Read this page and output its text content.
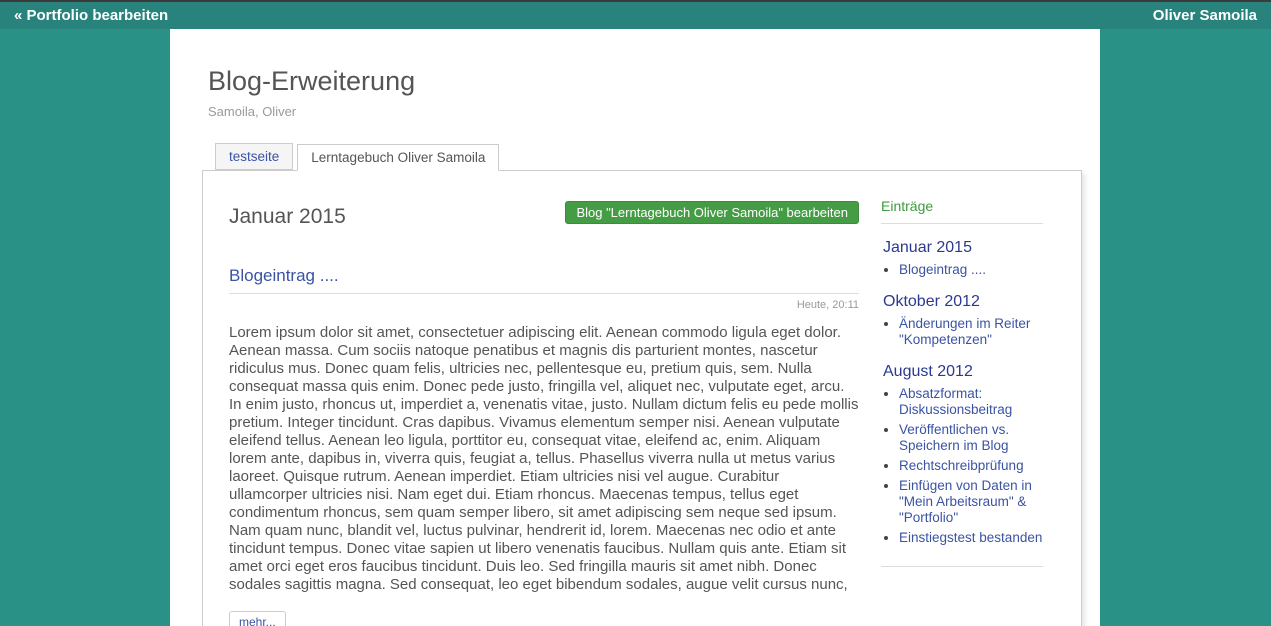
« Portfolio bearbeiten	Oliver Samoila
Blog-Erweiterung
Samoila, Oliver
testseite	Lerntagebuch Oliver Samoila
Januar 2015	Blog "Lerntagebuch Oliver Samoila" bearbeiten
Blogeintrag ....
Heute, 20:11

Lorem ipsum dolor sit amet, consectetuer adipiscing elit. Aenean commodo ligula eget dolor. Aenean massa. Cum sociis natoque penatibus et magnis dis parturient montes, nascetur ridiculus mus. Donec quam felis, ultricies nec, pellentesque eu, pretium quis, sem. Nulla consequat massa quis enim. Donec pede justo, fringilla vel, aliquet nec, vulputate eget, arcu. In enim justo, rhoncus ut, imperdiet a, venenatis vitae, justo. Nullam dictum felis eu pede mollis pretium. Integer tincidunt. Cras dapibus. Vivamus elementum semper nisi. Aenean vulputate eleifend tellus. Aenean leo ligula, porttitor eu, consequat vitae, eleifend ac, enim. Aliquam lorem ante, dapibus in, viverra quis, feugiat a, tellus. Phasellus viverra nulla ut metus varius laoreet. Quisque rutrum. Aenean imperdiet. Etiam ultricies nisi vel augue. Curabitur ullamcorper ultricies nisi. Nam eget dui. Etiam rhoncus. Maecenas tempus, tellus eget condimentum rhoncus, sem quam semper libero, sit amet adipiscing sem neque sed ipsum. Nam quam nunc, blandit vel, luctus pulvinar, hendrerit id, lorem. Maecenas nec odio et ante tincidunt tempus. Donec vitae sapien ut libero venenatis faucibus. Nullam quis ante. Etiam sit amet orci eget eros faucibus tincidunt. Duis leo. Sed fringilla mauris sit amet nibh. Donec sodales sagittis magna. Sed consequat, leo eget bibendum sodales, augue velit cursus nunc,

mehr...
Einträge
Januar 2015
• Blogeintrag ....
Oktober 2012
• Änderungen im Reiter "Kompetenzen"
August 2012
• Absatzformat: Diskussionsbeitrag
• Veröffentlichen vs. Speichern im Blog
• Rechtschreibprüfung
• Einfügen von Daten in "Mein Arbeitsraum" & "Portfolio"
• Einstiegstest bestanden
